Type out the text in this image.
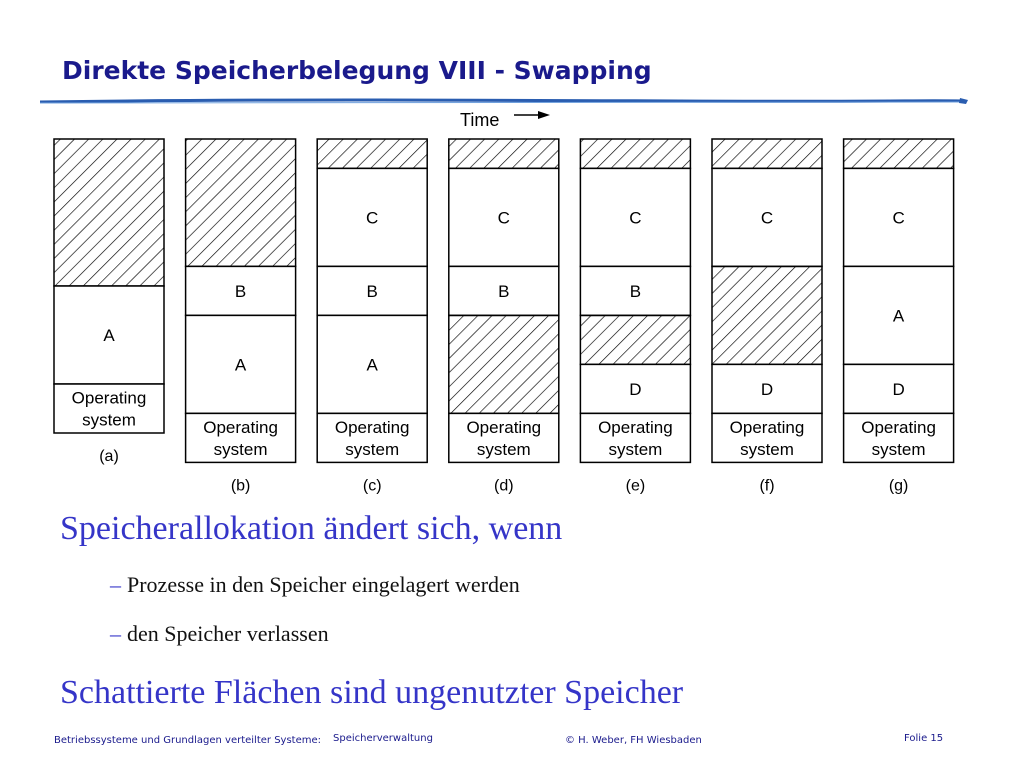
Direkte Speicherbelegung VIII - Swapping
Time
A
Operating
system
(a)
B
A
Operating
system
(b)
C
B
A
Operating
system
(c)
C
B
Operating
system
(d)
C
B
D
Operating
system
(e)
C
D
Operating
system
(f)
C
A
D
Operating
system
(g)
Speicherallokation ändert sich, wenn
– Prozesse in den Speicher eingelagert werden
– den Speicher verlassen
Schattierte Flächen sind ungenutzter Speicher
Betriebssysteme und Grundlagen verteilter Systeme: Speicherverwaltung	© H. Weber, FH Wiesbaden	Folie 15
